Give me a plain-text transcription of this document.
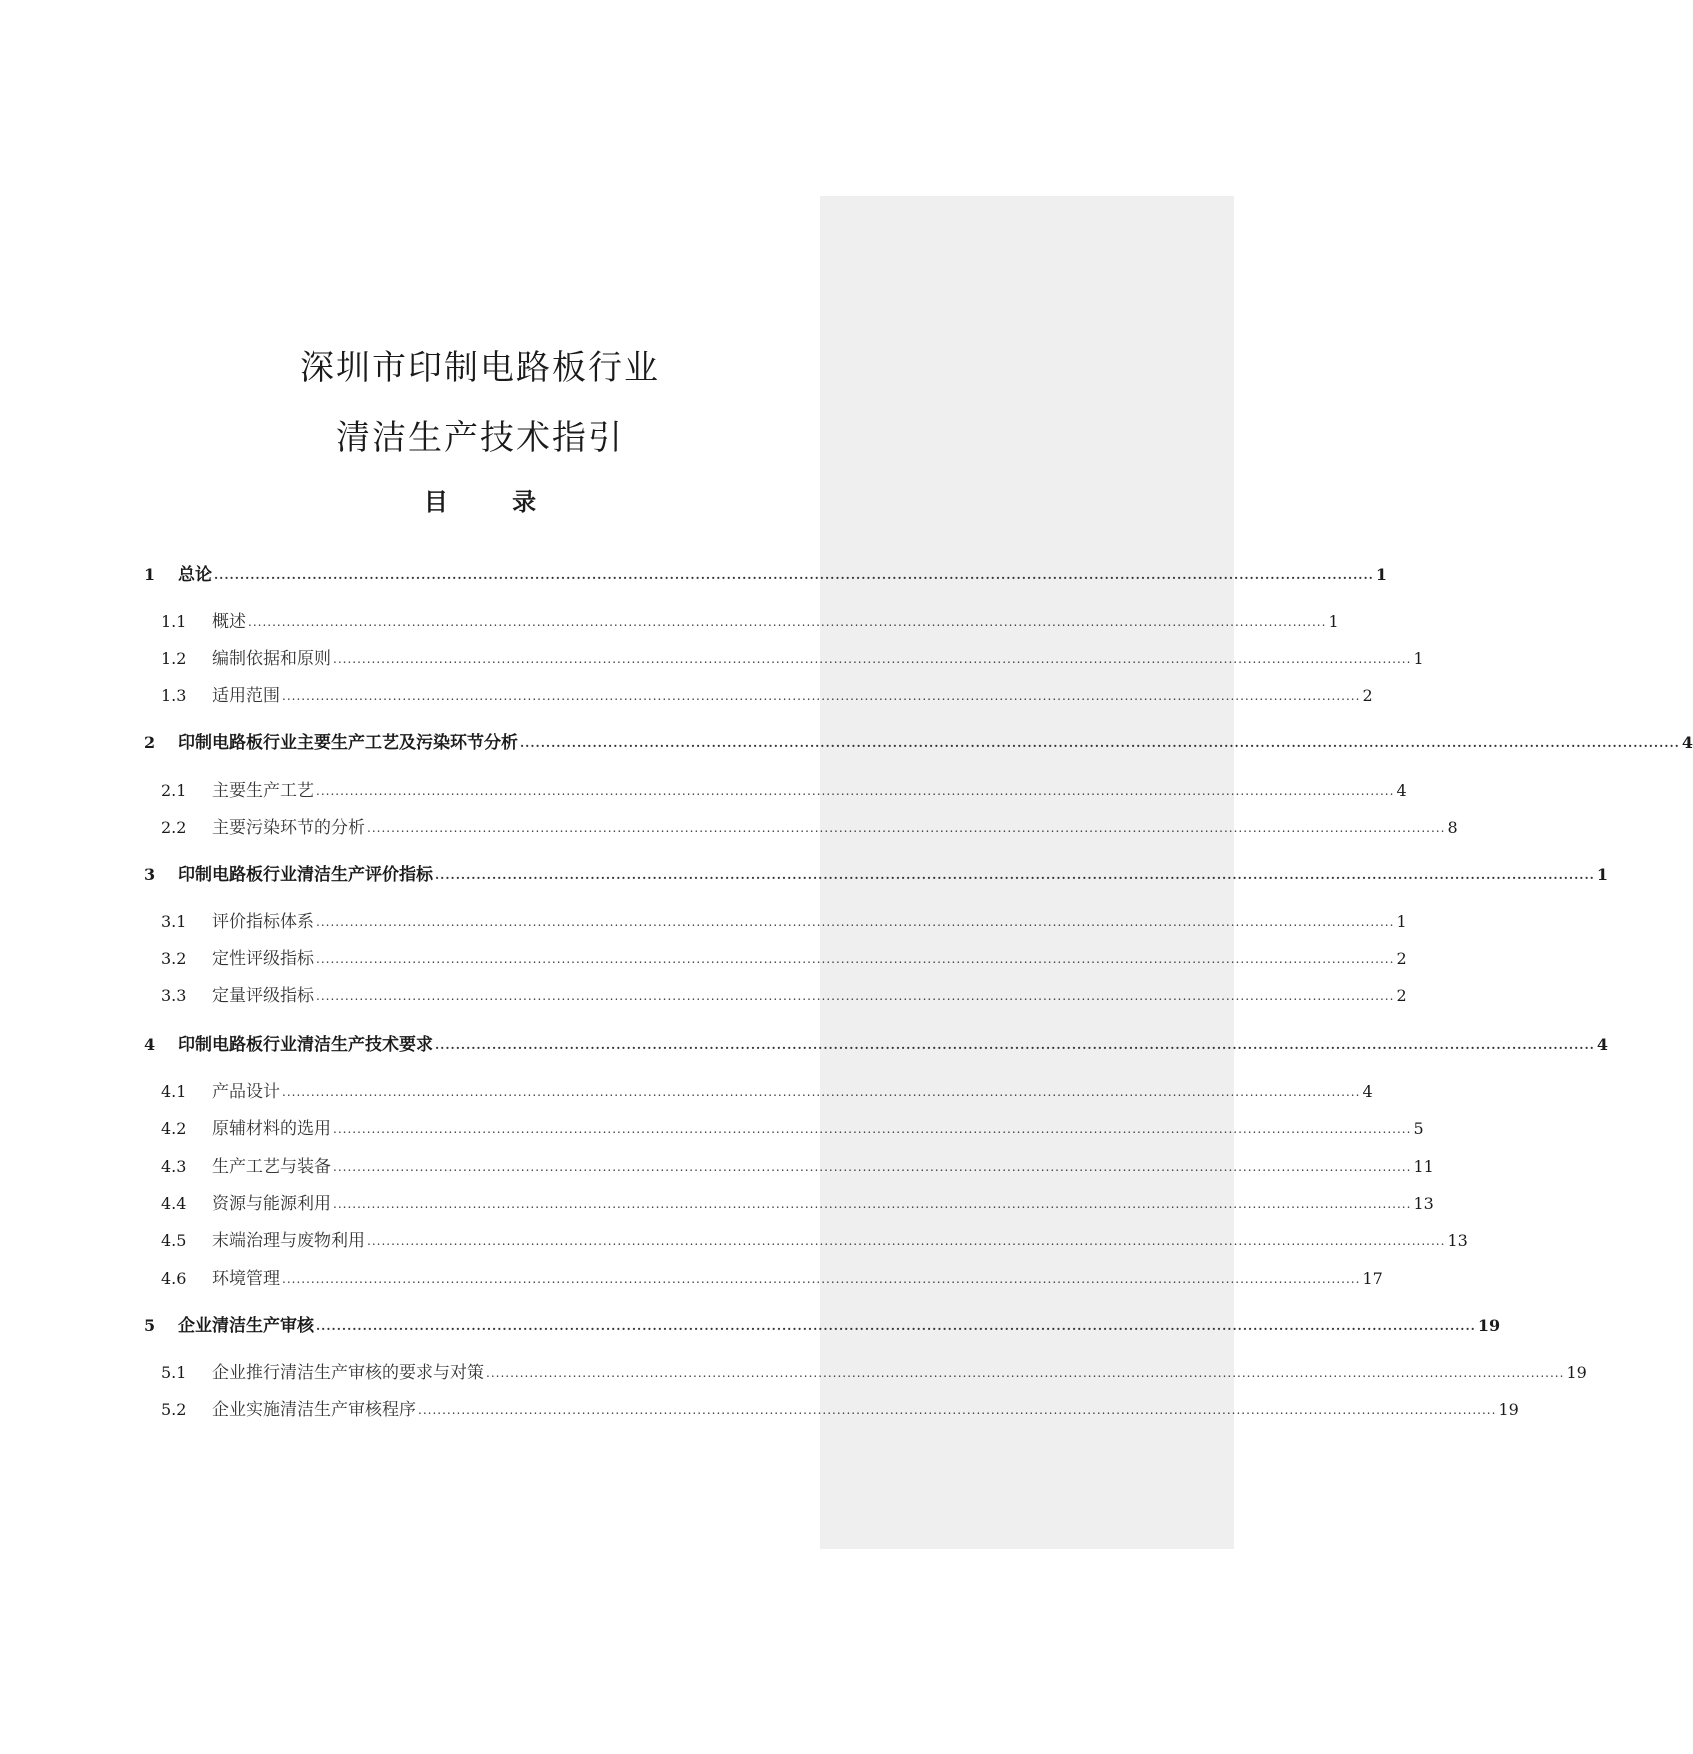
深圳市印制电路板行业
清洁生产技术指引
目 录
1	总论 ................................................................................................................................................................................................................................ 1
1.1	概述 ................................................................................................................................................................................................................................ 1
1.2	编制依据和原则 ................................................................................................................................................................................................................................ 1
1.3	适用范围 ................................................................................................................................................................................................................................ 2
2	印制电路板行业主要生产工艺及污染环节分析 ................................................................................................................................................................................................................................ 4
2.1	主要生产工艺 ................................................................................................................................................................................................................................ 4
2.2	主要污染环节的分析 ................................................................................................................................................................................................................................ 8
3	印制电路板行业清洁生产评价指标 ................................................................................................................................................................................................................................ 1
3.1	评价指标体系 ................................................................................................................................................................................................................................ 1
3.2	定性评级指标 ................................................................................................................................................................................................................................ 2
3.3	定量评级指标 ................................................................................................................................................................................................................................ 2
4	印制电路板行业清洁生产技术要求 ................................................................................................................................................................................................................................ 4
4.1	产品设计 ................................................................................................................................................................................................................................ 4
4.2	原辅材料的选用 ................................................................................................................................................................................................................................ 5
4.3	生产工艺与装备 ................................................................................................................................................................................................................................ 11
4.4	资源与能源利用 ................................................................................................................................................................................................................................ 13
4.5	末端治理与废物利用 ................................................................................................................................................................................................................................ 13
4.6	环境管理 ................................................................................................................................................................................................................................ 17
5	企业清洁生产审核 ................................................................................................................................................................................................................................ 19
5.1	企业推行清洁生产审核的要求与对策 ................................................................................................................................................................................................................................ 19
5.2	企业实施清洁生产审核程序 ................................................................................................................................................................................................................................ 19
